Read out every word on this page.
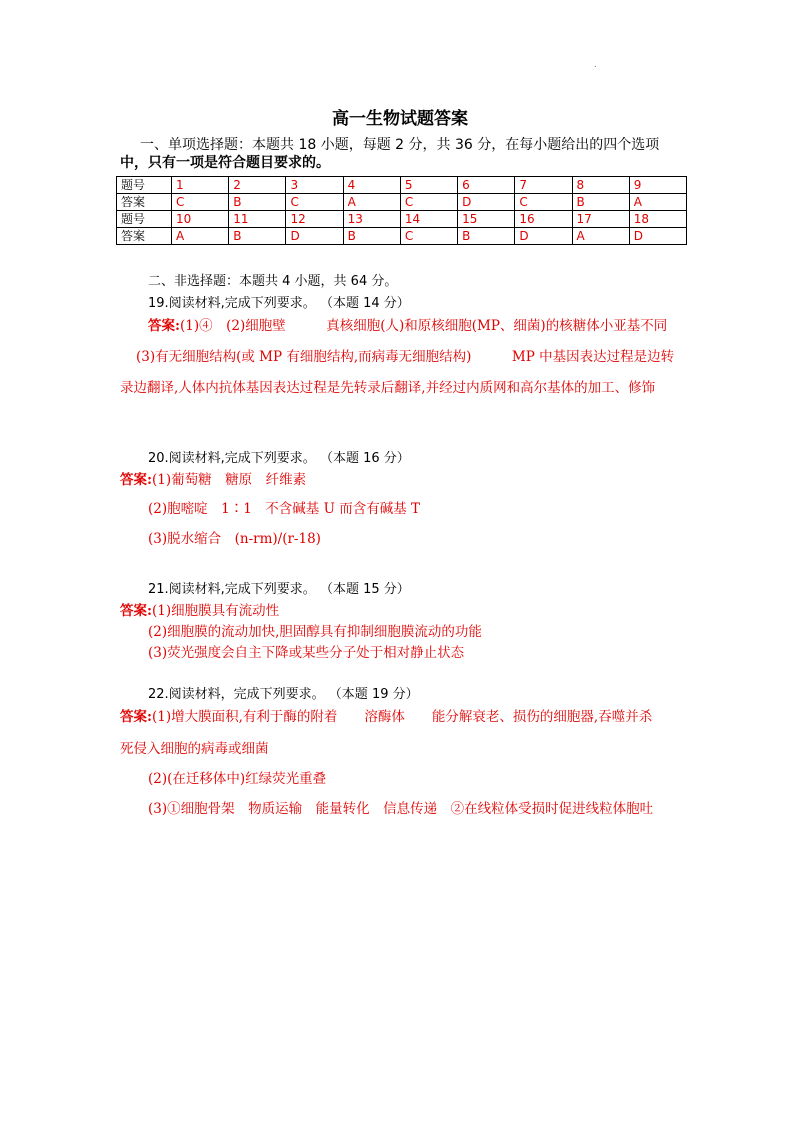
.
高一生物试题答案
一、单项选择题：本题共 18 小题，每题 2 分，共 36 分，在每小题给出的四个选项
中，只有一项是符合题目要求的。
题号	1	2	3	4	5	6	7	8	9
答案	C	B	C	A	C	D	C	B	A
题号	10	11	12	13	14	15	16	17	18
答案	A	B	D	B	C	B	D	A	D
二、非选择题：本题共 4 小题，共 64 分。
19.阅读材料,完成下列要求。 （本题 14 分）
答案:(1)④　(2)细胞壁　　　真核细胞(人)和原核细胞(MP、细菌)的核糖体小亚基不同
(3)有无细胞结构(或 MP 有细胞结构,而病毒无细胞结构)　　　MP 中基因表达过程是边转
录边翻译,人体内抗体基因表达过程是先转录后翻译,并经过内质网和高尔基体的加工、修饰
20.阅读材料,完成下列要求。 （本题 16 分）
答案:(1)葡萄糖　糖原　纤维素
(2)胞嘧啶　1∶1　不含碱基 U 而含有碱基 T
(3)脱水缩合　(n-rm)/(r-18)
21.阅读材料,完成下列要求。 （本题 15 分）
答案:(1)细胞膜具有流动性
(2)细胞膜的流动加快,胆固醇具有抑制细胞膜流动的功能
(3)荧光强度会自主下降或某些分子处于相对静止状态
22.阅读材料，完成下列要求。 （本题 19 分）
答案:(1)增大膜面积,有利于酶的附着　　溶酶体　　能分解衰老、损伤的细胞器,吞噬并杀
死侵入细胞的病毒或细菌
(2)(在迁移体中)红绿荧光重叠
(3)①细胞骨架　物质运输　能量转化　信息传递　②在线粒体受损时促进线粒体胞吐
